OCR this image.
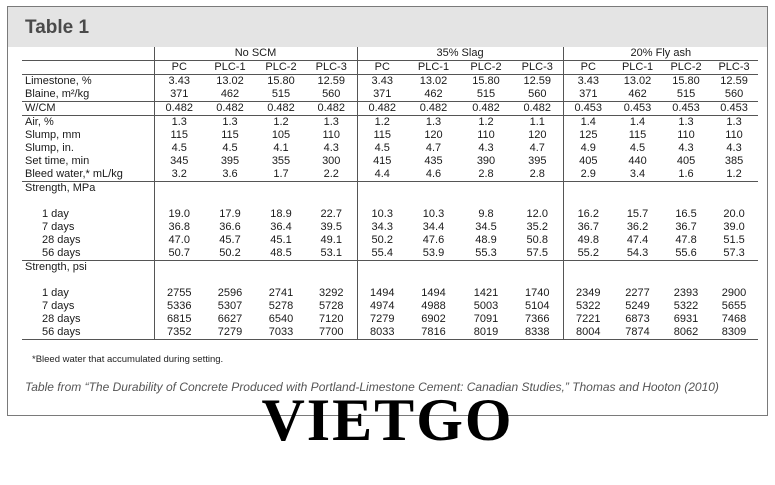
Table 1
	No SCM				35% Slag				20% Fly ash			
	PC	PLC-1	PLC-2	PLC-3	PC	PLC-1	PLC-2	PLC-3	PC	PLC-1	PLC-2	PLC-3
Limestone, %	3.43	13.02	15.80	12.59	3.43	13.02	15.80	12.59	3.43	13.02	15.80	12.59
Blaine, m²/kg	371	462	515	560	371	462	515	560	371	462	515	560
W/CM	0.482	0.482	0.482	0.482	0.482	0.482	0.482	0.482	0.453	0.453	0.453	0.453
Air, %	1.3	1.3	1.2	1.3	1.2	1.3	1.2	1.1	1.4	1.4	1.3	1.3
Slump, mm	115	115	105	110	115	120	110	120	125	115	110	110
Slump, in.	4.5	4.5	4.1	4.3	4.5	4.7	4.3	4.7	4.9	4.5	4.3	4.3
Set time, min	345	395	355	300	415	435	390	395	405	440	405	385
Bleed water,* mL/kg	3.2	3.6	1.7	2.2	4.4	4.6	2.8	2.8	2.9	3.4	1.6	1.2
Strength, MPa												

1 day	19.0	17.9	18.9	22.7	10.3	10.3	9.8	12.0	16.2	15.7	16.5	20.0
7 days	36.8	36.6	36.4	39.5	34.3	34.4	34.5	35.2	36.7	36.2	36.7	39.0
28 days	47.0	45.7	45.1	49.1	50.2	47.6	48.9	50.8	49.8	47.4	47.8	51.5
56 days	50.7	50.2	48.5	53.1	55.4	53.9	55.3	57.5	55.2	54.3	55.6	57.3
Strength, psi												

1 day	2755	2596	2741	3292	1494	1494	1421	1740	2349	2277	2393	2900
7 days	5336	5307	5278	5728	4974	4988	5003	5104	5322	5249	5322	5655
28 days	6815	6627	6540	7120	7279	6902	7091	7366	7221	6873	6931	7468
56 days	7352	7279	7033	7700	8033	7816	8019	8338	8004	7874	8062	8309
*Bleed water that accumulated during setting.
Table from “The Durability of Concrete Produced with Portland-Limestone Cement: Canadian Studies,” Thomas and Hooton (2010)
VIETGO
